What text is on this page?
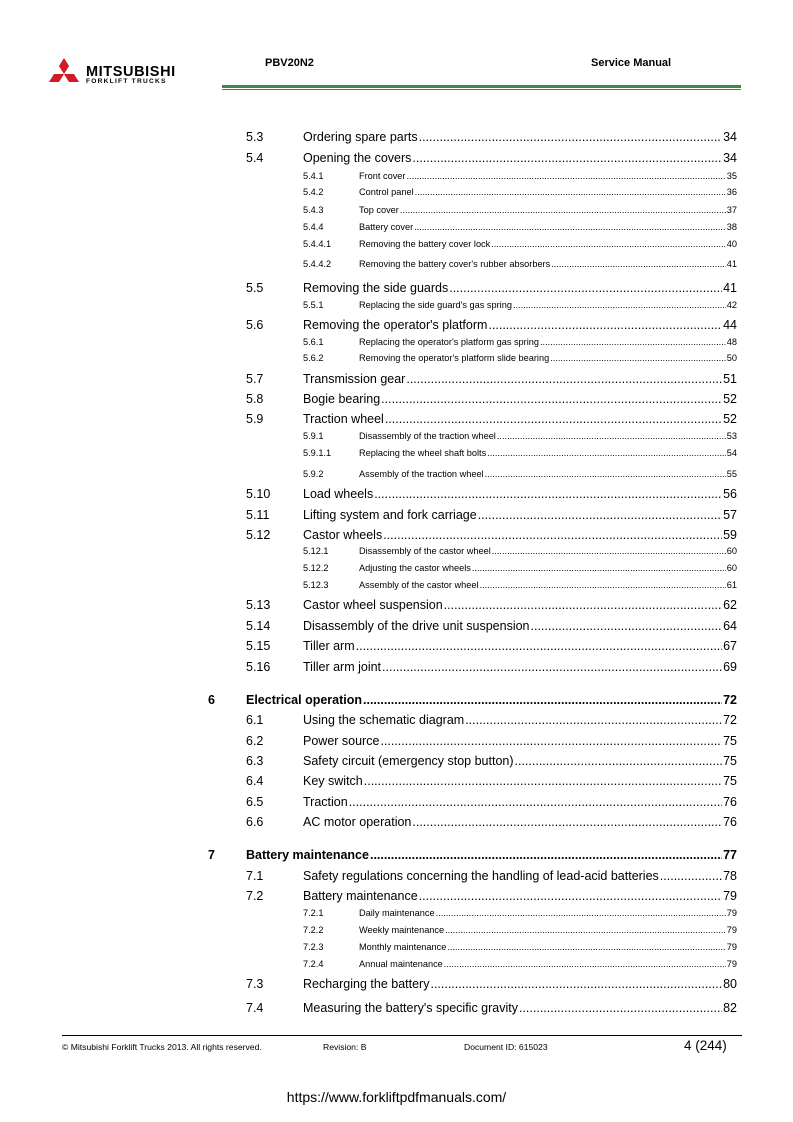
MITSUBISHI
FORKLIFT TRUCKS
PBV20N2	Service Manual
5.3	Ordering spare parts .....	34
5.4	Opening the covers .....	34
5.4.1	Front cover .....	35
5.4.2	Control panel .....	36
5.4.3	Top cover .....	37
5.4.4	Battery cover .....	38
5.4.4.1	Removing the battery cover lock .....	40
5.4.4.2	Removing the battery cover's rubber absorbers .....	41
5.5	Removing the side guards .....	41
5.5.1	Replacing the side guard's gas spring .....	42
5.6	Removing the operator's platform .....	44
5.6.1	Replacing the operator's platform gas spring .....	48
5.6.2	Removing the operator's platform slide bearing .....	50
5.7	Transmission gear .....	51
5.8	Bogie bearing .....	52
5.9	Traction wheel .....	52
5.9.1	Disassembly of the traction wheel .....	53
5.9.1.1	Replacing the wheel shaft bolts .....	54
5.9.2	Assembly of the traction wheel .....	55
5.10	Load wheels .....	56
5.11	Lifting system and fork carriage .....	57
5.12	Castor wheels .....	59
5.12.1	Disassembly of the castor wheel .....	60
5.12.2	Adjusting the castor wheels .....	60
5.12.3	Assembly of the castor wheel .....	61
5.13	Castor wheel suspension .....	62
5.14	Disassembly of the drive unit suspension .....	64
5.15	Tiller arm .....	67
5.16	Tiller arm joint .....	69
6 Electrical operation .....	72
6.1	Using the schematic diagram .....	72
6.2	Power source .....	75
6.3	Safety circuit (emergency stop button) .....	75
6.4	Key switch .....	75
6.5	Traction .....	76
6.6	AC motor operation .....	76
7 Battery maintenance .....	77
7.1	Safety regulations concerning the handling of lead-acid batteries .....	78
7.2	Battery maintenance .....	79
7.2.1	Daily maintenance .....	79
7.2.2	Weekly maintenance .....	79
7.2.3	Monthly maintenance .....	79
7.2.4	Annual maintenance .....	79
7.3	Recharging the battery .....	80
7.4	Measuring the battery's specific gravity .....	82
© Mitsubishi Forklift Trucks 2013. All rights reserved.	Revision: B	Document ID: 615023	4 (244)
https://www.forkliftpdfmanuals.com/
